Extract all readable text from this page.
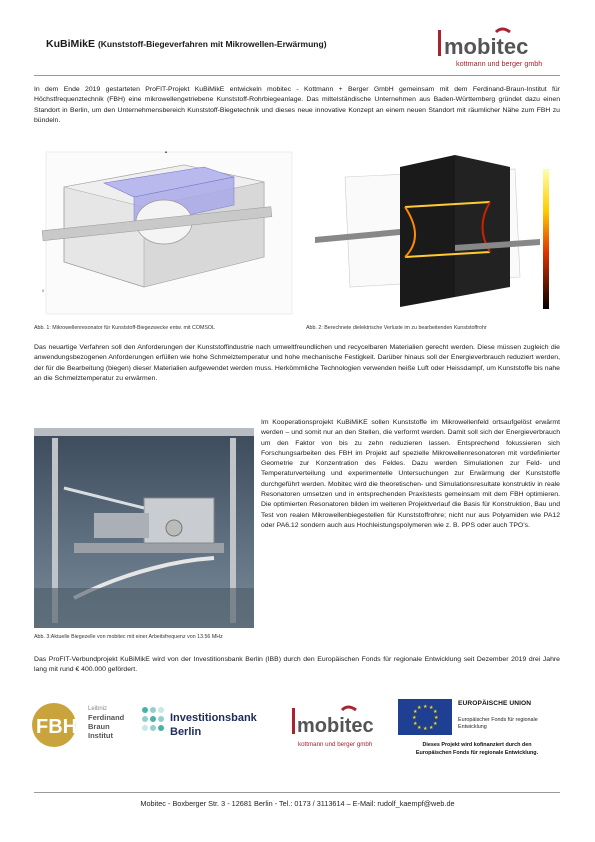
KuBiMikE (Kunststoff-Biegeverfahren mit Mikrowellen-Erwärmung)	mobitec
kottmann und berger gmbh

In dem Ende 2019 gestarteten ProFIT-Projekt KuBiMikE entwickeln mobitec - Kottmann + Berger GmbH gemeinsam mit dem Ferdinand-Braun-Institut für Höchstfrequenztechnik (FBH) eine mikrowellengetriebene Kunststoff-Rohrbiegeanlage. Das mittelständische Unternehmen aus Baden-Württemberg gründet dazu einen Standort in Berlin, um den Unternehmensbereich Kunststoff-Biegetechnik und dieses neue innovative Konzept an einem neuen Standort mit räumlicher Nähe zum FBH zu bündeln.

0
▲
Abb. 1: Mikrowellenresonator für Kunststoff-Biegezwecke entw. mit COMSOL	Abb. 2: Berechnete dielektrische Verluste im zu bearbeitenden Kunststoffrohr

Das neuartige Verfahren soll den Anforderungen der Kunststoffindustrie nach umweltfreundlichen und recycelbaren Materialien gerecht werden. Diese müssen zugleich die anwendungsbezogenen Anforderungen erfüllen wie hohe Schmelztemperatur und hohe mechanische Festigkeit. Darüber hinaus soll der Energieverbrauch reduziert werden, der für die Bearbeitung (biegen) dieser Materialien aufgewendet werden muss. Herkömmliche Technologien verwenden heiße Luft oder Heissdampf, um Kunststoffe bis nahe an die Schmelztemperatur zu erwärmen.

Abb. 3:Aktuelle Biegezelle von mobitec mit einer Arbeitsfrequenz von 13.56 MHz

Im Kooperationsprojekt KuBiMiKE sollen Kunststoffe im Mikrowellenfeld ortsaufgelöst erwärmt werden – und somit nur an den Stellen, die verformt werden. Damit soll sich der Energieverbrauch um den Faktor von bis zu zehn reduzieren lassen. Entsprechend fokussieren sich Forschungsarbeiten des FBH im Projekt auf spezielle Mikrowellenresonatoren mit vordefinierter Geometrie zur Konzentration des Feldes. Dazu werden Simulationen zur Feld- und Temperaturverteilung und experimentelle Untersuchungen zur Erwärmung der Kunststoffe durchgeführt werden. Mobitec wird die theoretischen- und Simulationsresultate konstruktiv in reale Resonatoren umsetzen und in entsprechenden Praxistests gemeinsam mit dem FBH optimieren. Die optimierten Resonatoren bilden im weiteren Projektverlauf die Basis für Konstruktion, Bau und Test von realen Mikrowellenbiegestellen für Kunststoffrohre; nicht nur aus Polyamiden wie PA12 oder PA6.12 sondern auch aus Hochleistungspolymeren wie z. B. PPS oder auch TPO’s.

Das ProFIT-Verbundprojekt KuBiMikE wird von der Investitionsbank Berlin (IBB) durch den Europäischen Fonds für regionale Entwicklung seit Dezember 2019 drei Jahre lang mit rund € 400.000 gefördert.

FBH
Leibniz
Ferdinand
Braun
Institut
Investitionsbank
Berlin	mobitec
kottmann und berger gmbh
★ ★
★
★
★
★
★
★
★
★
★
★
EUROPÄISCHE UNION
Europäischer Fonds für regionale Entwicklung
Dieses Projekt wird kofinanziert durch den
Europäischen Fonds für regionale Entwicklung.
Mobitec - Boxberger Str. 3 - 12681 Berlin - Tel.: 0173 / 3113614 – E-Mail: rudolf_kaempf@web.de
